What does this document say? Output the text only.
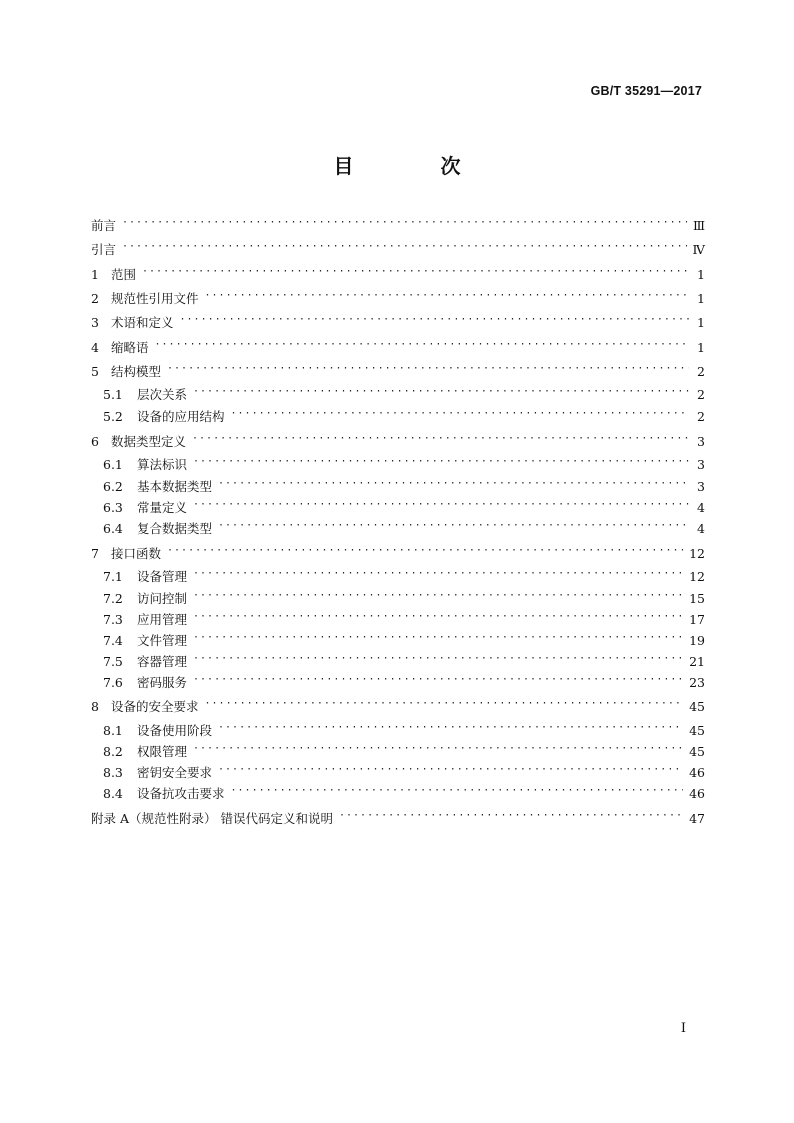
GB/T 35291—2017
目 次
前言 ·····	Ⅲ
引言 ·····	Ⅳ
1 范围 ·····	1
2 规范性引用文件 ·····	1
3 术语和定义 ·····	1
4 缩略语 ·····	1
5 结构模型 ·····	2
5.1 层次关系 ·····	2
5.2 设备的应用结构 ·····	2
6 数据类型定义 ·····	3
6.1 算法标识 ·····	3
6.2 基本数据类型 ·····	3
6.3 常量定义 ·····	4
6.4 复合数据类型 ·····	4
7 接口函数 ·····	12
7.1 设备管理 ·····	12
7.2 访问控制 ·····	15
7.3 应用管理 ·····	17
7.4 文件管理 ·····	19
7.5 容器管理 ·····	21
7.6 密码服务 ·····	23
8 设备的安全要求 ·····	45
8.1 设备使用阶段 ·····	45
8.2 权限管理 ·····	45
8.3 密钥安全要求 ·····	46
8.4 设备抗攻击要求 ·····	46
附录 A（规范性附录） 错误代码定义和说明 ·····	47
Ⅰ
